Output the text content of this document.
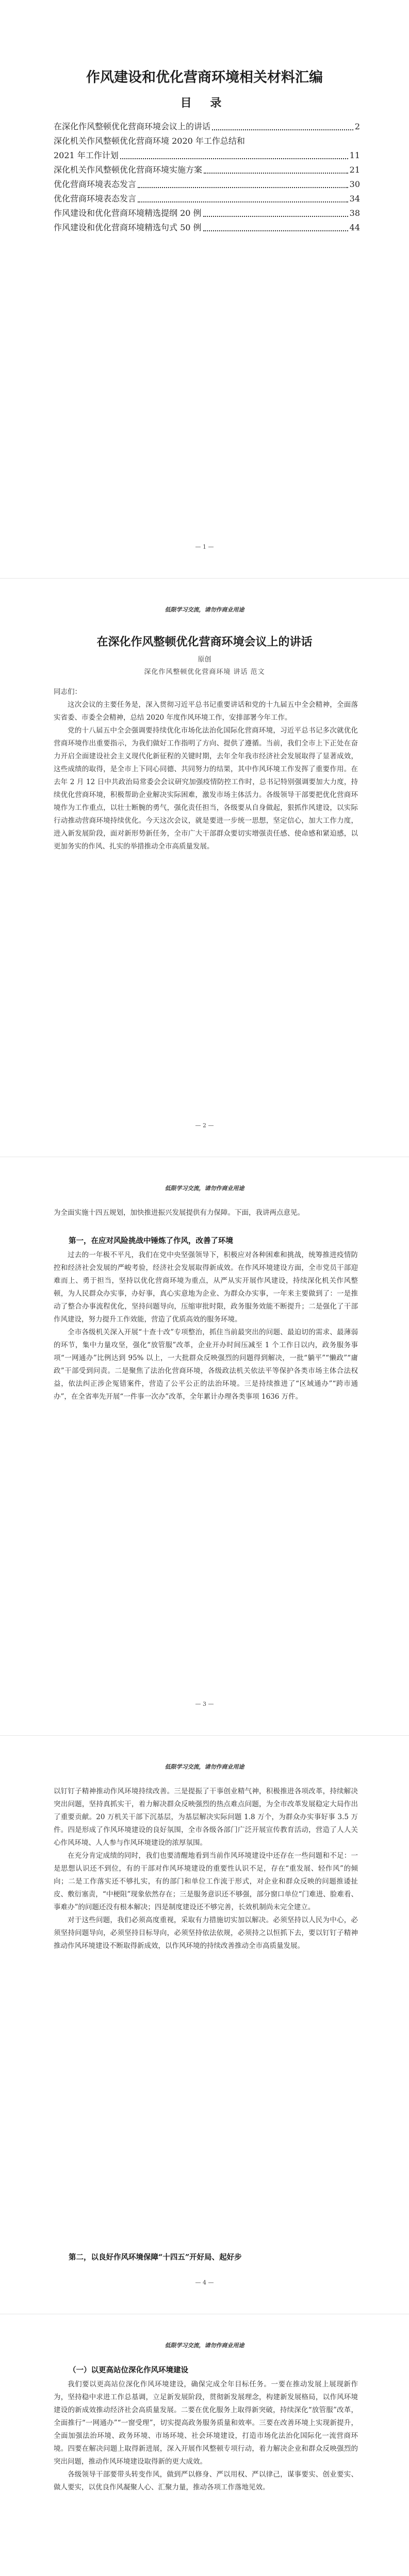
作风建设和优化营商环境相关材料汇编
目 录
在深化作风整顿优化营商环境会议上的讲话	2
深化机关作风整顿优化营商环境 2020 年工作总结和
2021 年工作计划	11
深化机关作风整顿优化营商环境实施方案	21
优化营商环境表态发言	30
优化营商环境表态发言	34
作风建设和优化营商环境精选提纲 20 例	38
作风建设和优化营商环境精选句式 50 例	44
— 1 —
低限学习交流，请勿作商业用途
在深化作风整顿优化营商环境会议上的讲话
原创
深化作风整顿优化营商环境 讲话 范文

同志们：

这次会议的主要任务是，深入贯彻习近平总书记重要讲话和党的十九届五中全会精神，全面落实省委、市委全会精神，总结 2020 年度作风环境工作，安排部署今年工作。

党的十八届五中全会强调要持续优化市场化法治化国际化营商环境，习近平总书记多次就优化营商环境作出重要指示，为我们做好工作指明了方向、提供了遵循。当前，我们全市上下正处在奋力开启全面建设社会主义现代化新征程的关键时期，去年全年我市经济社会发展取得了显著成效，这些成绩的取得，是全市上下同心同德、共同努力的结果，其中作风环境工作发挥了重要作用。在去年 2 月 12 日中共政治局常委会会议研究加强疫情防控工作时，总书记特别强调要加大力度，持续优化营商环境，积极帮助企业解决实际困难，激发市场主体活力。各级领导干部要把优化营商环境作为工作重点，以壮士断腕的勇气，强化责任担当，各级要从自身做起，狠抓作风建设，以实际行动推动营商环境持续优化。今天这次会议，就是要进一步统一思想，坚定信心，加大工作力度，进入新发展阶段，面对新形势新任务，全市广大干部群众要切实增强责任感、使命感和紧迫感，以更加务实的作风、扎实的举措推动全市高质量发展。

— 2 —
低限学习交流，请勿作商业用途

为全面实施十四五规划，加快推进振兴发展提供有力保障。下面，我讲两点意见。

第一，在应对风险挑战中锤炼了作风，改善了环境

过去的一年极不平凡，我们在党中央坚强领导下，积极应对各种困难和挑战，统筹推进疫情防控和经济社会发展的严峻考验，经济社会发展取得新成效。在作风环境建设方面，全市党员干部迎难而上、勇于担当，坚持以优化营商环境为重点，从严从实开展作风建设，持续深化机关作风整顿，为人民群众办实事，办好事，真心实意地为企业、为群众办实事，一年来主要做到了：一是推动了整合办事流程优化，坚持问题导向，压缩审批时限，政务服务效能不断提升；二是强化了干部作风建设，努力提升工作效能，营造了优质高效的服务环境。

全市各级机关深入开展“十查十改”专项整治，抓住当前最突出的问题、最迫切的需求、最薄弱的环节，集中力量攻坚，强化“放管服”改革，企业开办时间压减至 1 个工作日以内，政务服务事项“一网通办”比例达到 95% 以上，一大批群众反映强烈的问题得到解决，一批“躺平”“懒政”“庸政”干部受到问责。二是聚焦了法治化营商环境，各级政法机关依法平等保护各类市场主体合法权益，依法纠正涉企冤错案件，营造了公平公正的法治环境。三是持续推进了“区域通办”“跨市通办”，在全省率先开展“一件事一次办”改革，全年累计办理各类事项 1636 万件。

— 3 —
低限学习交流，请勿作商业用途

以钉钉子精神推动作风环境持续改善。三是提振了干事创业精气神，积极推进各项改革，持续解决突出问题，坚持真抓实干，着力解决群众反映强烈的热点难点问题，为全市改革发展稳定大局作出了重要贡献。20 万机关干部下沉基层，为基层解决实际问题 1.8 万个，为群众办实事好事 3.5 万件。四是形成了作风环境建设的良好氛围，全市各级各部门广泛开展宣传教育活动，营造了人人关心作风环境、人人参与作风环境建设的浓厚氛围。

在充分肯定成绩的同时，我们也要清醒地看到当前作风环境建设中还存在一些问题和不足：一是思想认识还不到位，有的干部对作风环境建设的重要性认识不足，存在“重发展、轻作风”的倾向；二是工作落实还不够扎实，有的部门和单位工作流于形式，对企业和群众反映的问题推诿扯皮、敷衍塞责，“中梗阻”现象依然存在；三是服务意识还不够强，部分窗口单位“门难进、脸难看、事难办”的问题还没有根本解决；四是制度建设还不够完善，长效机制尚未完全建立。

对于这些问题，我们必须高度重视，采取有力措施切实加以解决。必须坚持以人民为中心，必须坚持问题导向，必须坚持目标导向，必须坚持依法依规，必须持之以恒抓下去，要以钉钉子精神推动作风环境建设不断取得新成效，以作风环境的持续改善推动全市高质量发展。

第二，以良好作风环境保障“十四五”开好局、起好步
— 4 —
低限学习交流，请勿作商业用途
（一）以更高站位深化作风环境建设

我们要以更高站位深化作风环境建设，确保完成全年目标任务。一要在推动发展上展现新作为，坚持稳中求进工作总基调，立足新发展阶段，贯彻新发展理念，构建新发展格局，以作风环境建设的新成效推动经济社会高质量发展。二要在优化服务上取得新突破，持续深化“放管服”改革，全面推行“一网通办”“一窗受理”，切实提高政务服务质量和效率。三要在改善环境上实现新提升，全面加强法治环境、政务环境、市场环境、社会环境建设，打造市场化法治化国际化一流营商环境。四要在解决问题上取得新进展，深入开展作风整顿专项行动，着力解决企业和群众反映强烈的突出问题，推动作风环境建设取得新的更大成效。

各级领导干部要带头转变作风，做到严以修身、严以用权、严以律己，谋事要实、创业要实、做人要实，以优良作风凝聚人心、汇聚力量，推动各项工作落地见效。
